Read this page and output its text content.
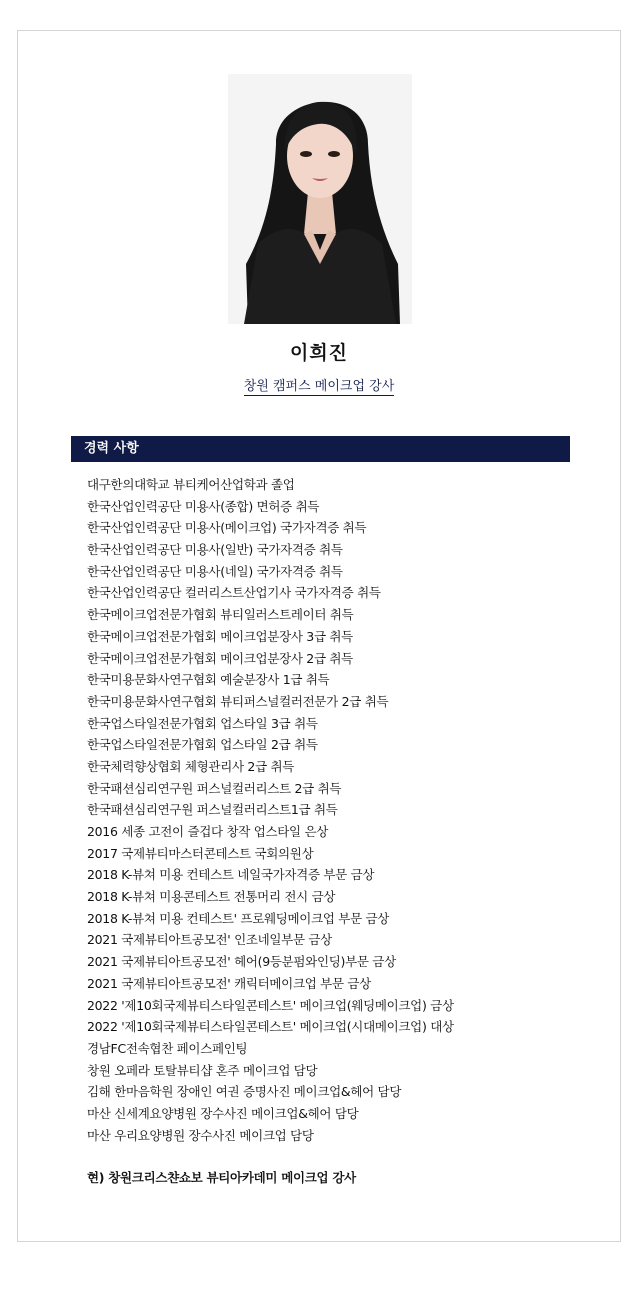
이희진
창원 캠퍼스 메이크업 강사
경력 사항
대구한의대학교 뷰티케어산업학과 졸업
한국산업인력공단 미용사(종합) 면허증 취득
한국산업인력공단 미용사(메이크업) 국가자격증 취득
한국산업인력공단 미용사(일반) 국가자격증 취득
한국산업인력공단 미용사(네일) 국가자격증 취득
한국산업인력공단 컬러리스트산업기사 국가자격증 취득
한국메이크업전문가협회 뷰티일러스트레이터 취득
한국메이크업전문가협회 메이크업분장사 3급 취득
한국메이크업전문가협회 메이크업분장사 2급 취득
한국미용문화사연구협회 예술분장사 1급 취득
한국미용문화사연구협회 뷰티퍼스널컬러전문가 2급 취득
한국업스타일전문가협회 업스타일 3급 취득
한국업스타일전문가협회 업스타일 2급 취득
한국체력향상협회 체형관리사 2급 취득
한국패션심리연구원 퍼스널컬러리스트 2급 취득
한국패션심리연구원 퍼스널컬러리스트1급 취득
2016 세종 고전이 즐겁다 창작 업스타일 은상
2017 국제뷰티마스터콘테스트 국회의원상
2018 K-뷰쳐 미용 컨테스트 네일국가자격증 부문 금상
2018 K-뷰쳐 미용콘테스트 전통머리 전시 금상
2018 K-뷰쳐 미용 컨테스트' 프로웨딩메이크업 부문 금상
2021 국제뷰티아트공모전' 인조네일부문 금상
2021 국제뷰티아트공모전' 헤어(9등분펌와인딩)부문 금상
2021 국제뷰티아트공모전' 캐릭터메이크업 부문 금상
2022 '제10회국제뷰티스타일콘테스트' 메이크업(웨딩메이크업) 금상
2022 '제10회국제뷰티스타일콘테스트' 메이크업(시대메이크업) 대상
경남FC전속협찬 페이스페인팅
창원 오페라 토탈뷰티샵 혼주 메이크업 담당
김해 한마음학원 장애인 여권 증명사진 메이크업&헤어 담당
마산 신세계요양병원 장수사진 메이크업&헤어 담당
마산 우리요양병원 장수사진 메이크업 담당
현) 창원크리스챤쇼보 뷰티아카데미 메이크업 강사
